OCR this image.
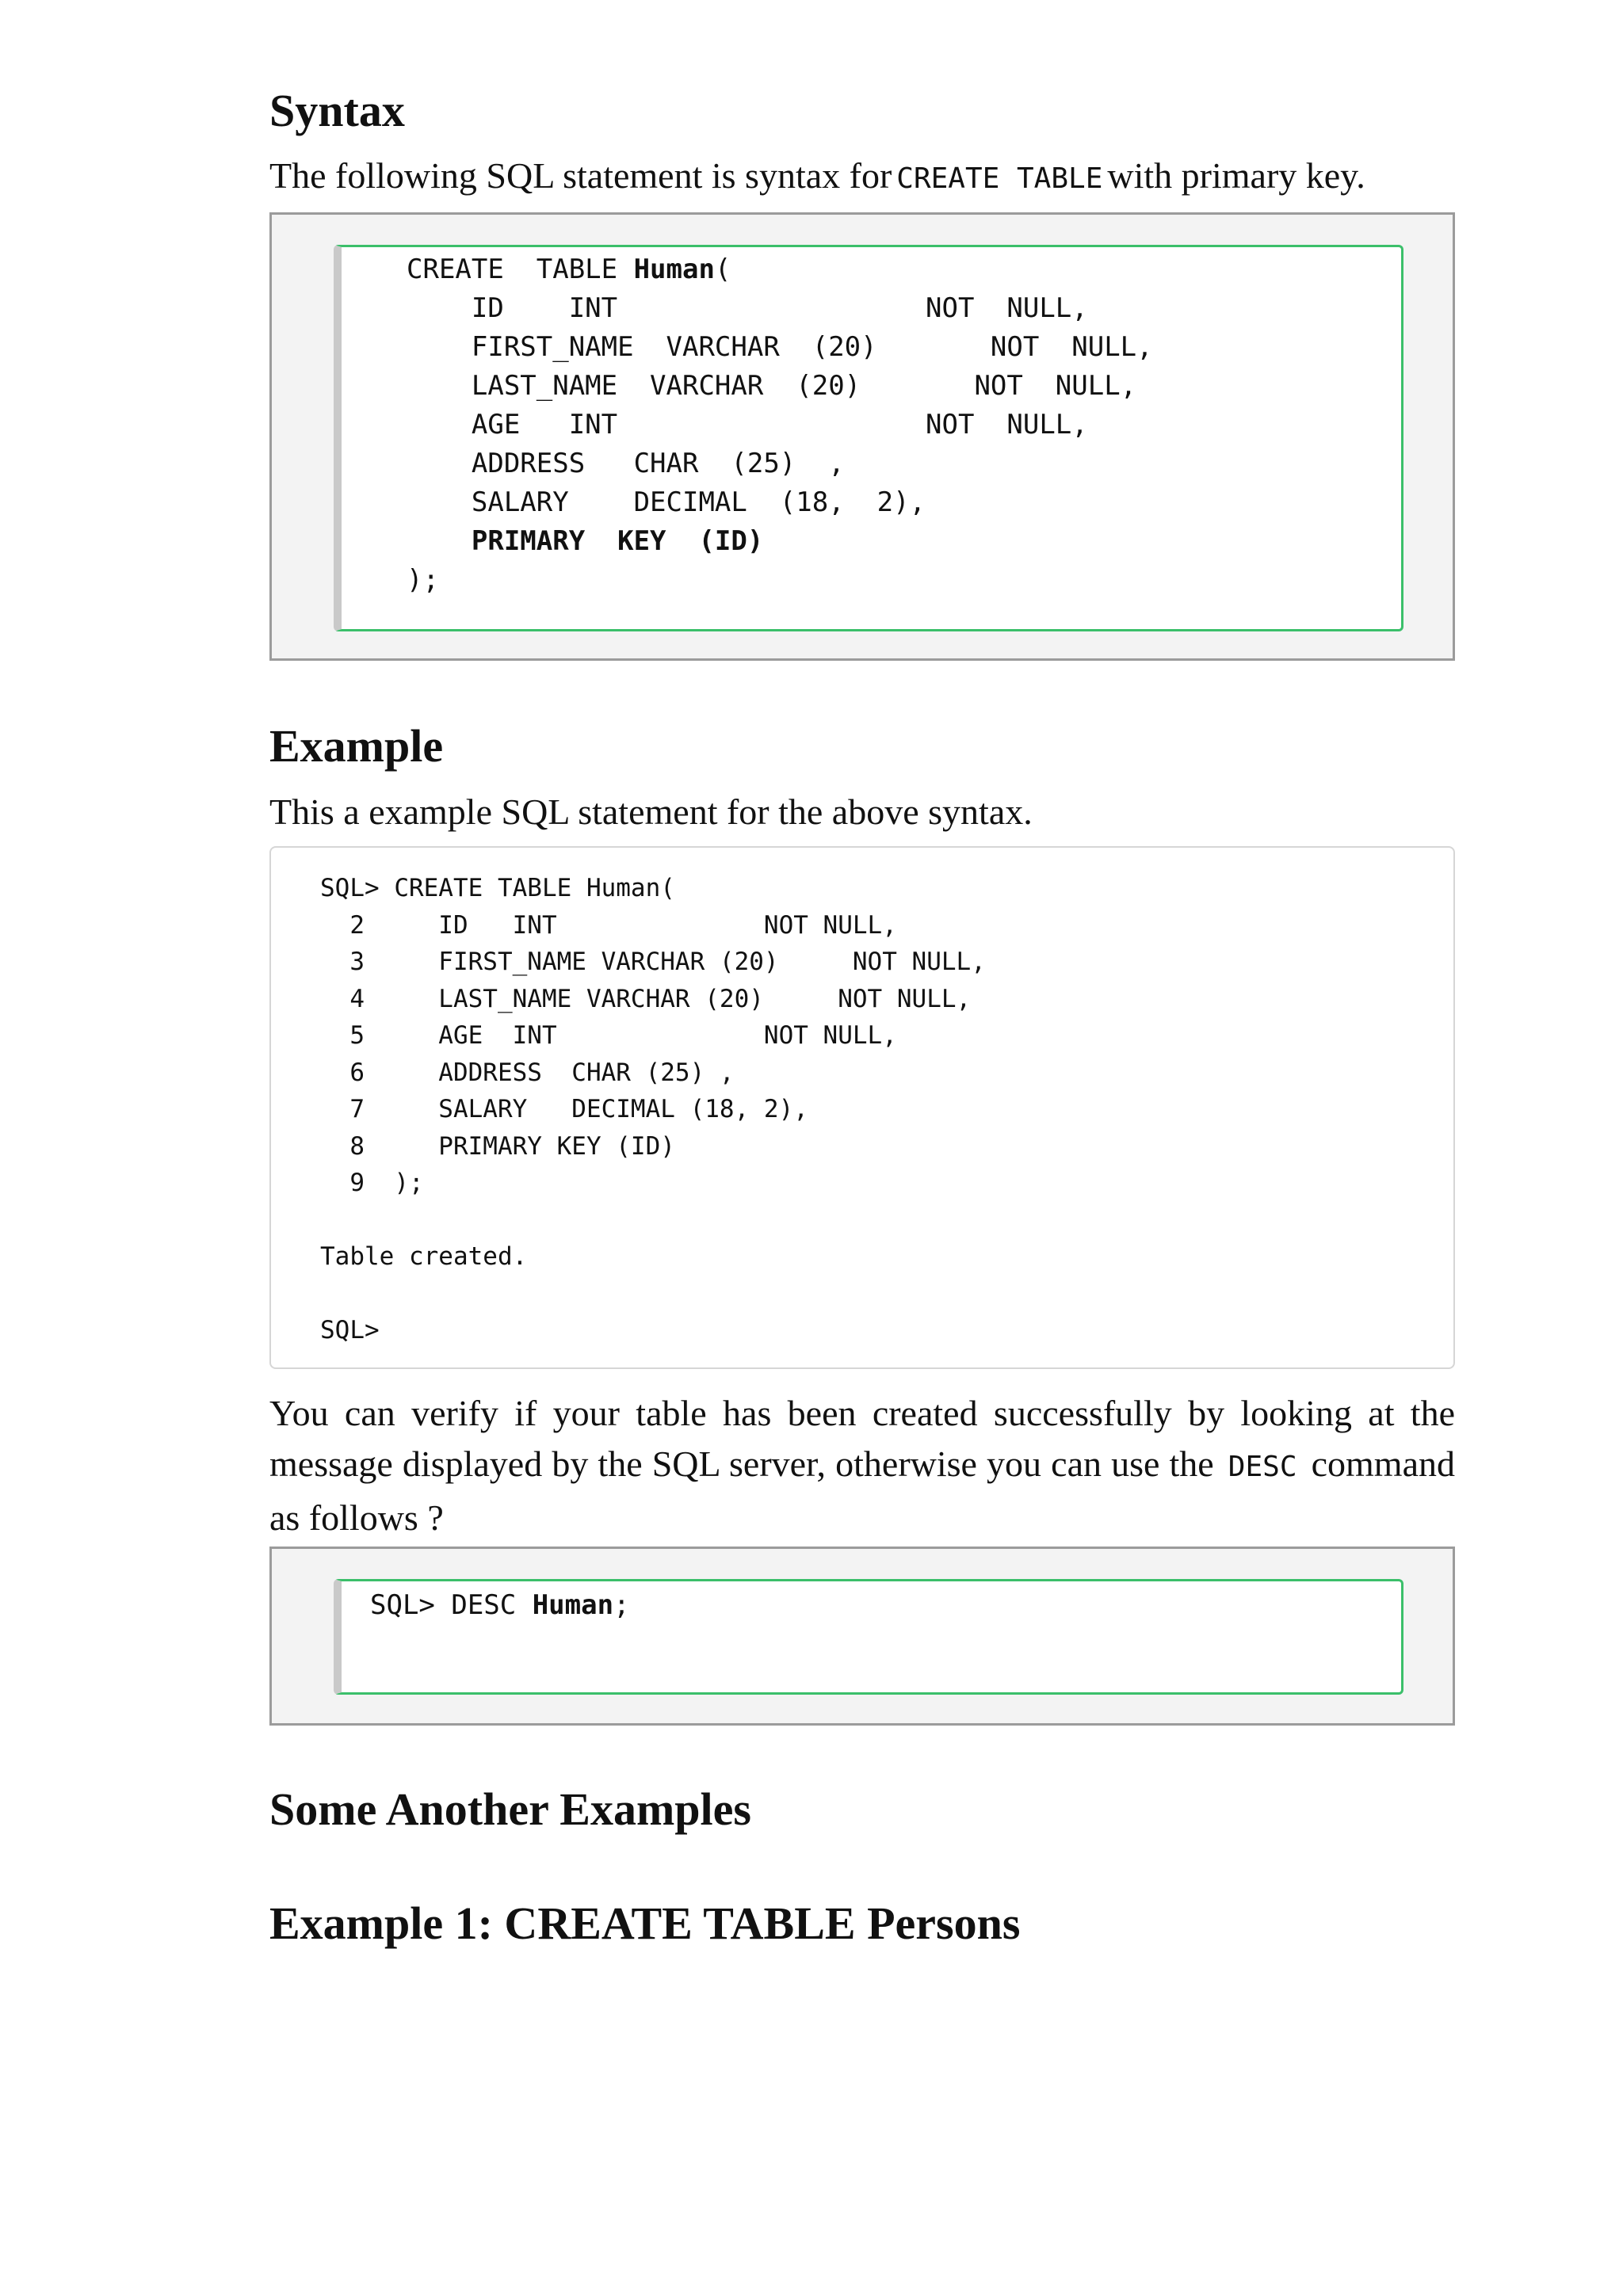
Syntax

The following SQL statement is syntax for CREATE TABLE with primary key.

CREATE  TABLE Human(
ID    INT                   NOT  NULL,
FIRST_NAME  VARCHAR  (20)       NOT  NULL,
LAST_NAME  VARCHAR  (20)       NOT  NULL,
AGE   INT                   NOT  NULL,
ADDRESS   CHAR  (25)  ,
SALARY    DECIMAL  (18,  2),
PRIMARY  KEY  (ID)
);
Example

This a example SQL statement for the above syntax.

SQL> CREATE TABLE Human(
2     ID   INT              NOT NULL,
3     FIRST_NAME VARCHAR (20)     NOT NULL,
4     LAST_NAME VARCHAR (20)     NOT NULL,
5     AGE  INT              NOT NULL,
6     ADDRESS  CHAR (25) ,
7     SALARY   DECIMAL (18, 2),
8     PRIMARY KEY (ID)
9  );

Table created.

SQL>

You can verify if your table has been created successfully by looking at the message displayed by the SQL server, otherwise you can use the DESC command as follows ?

SQL> DESC Human;
Some Another Examples
Example 1: CREATE TABLE Persons
